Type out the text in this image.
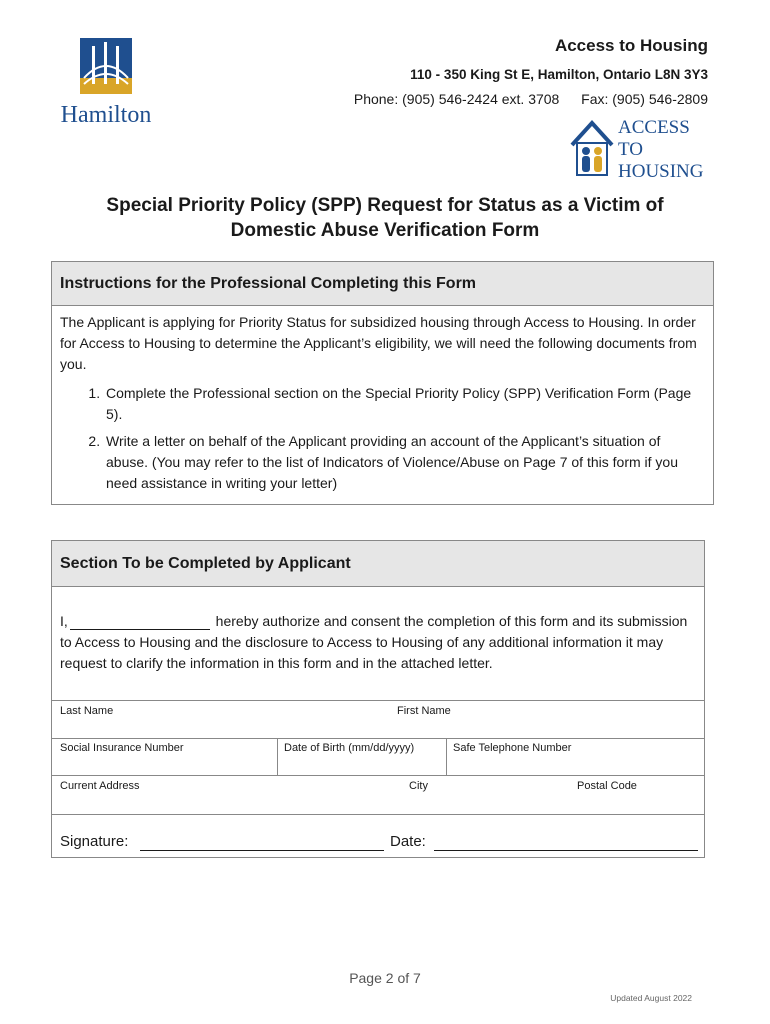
Hamilton
Access to Housing
110 - 350 King St E, Hamilton, Ontario L8N 3Y3
Phone: (905) 546-2424 ext. 3708 Fax: (905) 546-2809
ACCESS
TO
HOUSING
Special Priority Policy (SPP) Request for Status as a Victim of
Domestic Abuse Verification Form
Instructions for the Professional Completing this Form
The Applicant is applying for Priority Status for subsidized housing through Access to Housing. In order for Access to Housing to determine the Applicant’s eligibility, we will need the following documents from you.
1. Complete the Professional section on the Special Priority Policy (SPP) Verification Form (Page 5).
2. Write a letter on behalf of the Applicant providing an account of the Applicant’s situation of abuse. (You may refer to the list of Indicators of Violence/Abuse on Page 7 of this form if you need assistance in writing your letter)
Section To be Completed by Applicant
I,	hereby authorize and consent the completion of this form and its submission to Access to Housing and the disclosure to Access to Housing of any additional information it may request to clarify the information in this form and in the attached letter.
Last Name	First Name
Social Insurance Number	Date of Birth (mm/dd/yyyy)	Safe Telephone Number
Current Address	City	Postal Code
Signature:	Date:
Page 2 of 7
Updated August 2022
